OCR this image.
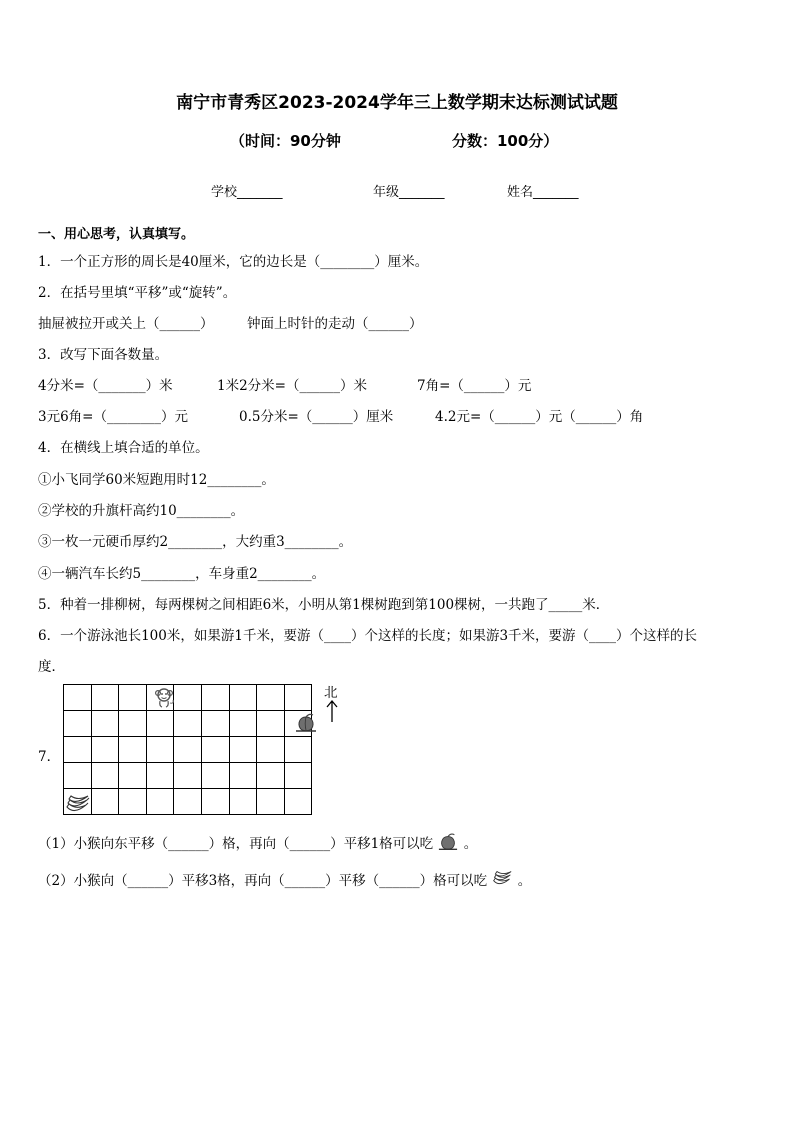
南宁市青秀区2023-2024学年三上数学期末达标测试试题
（时间：90分钟	分数：100分）
学校_______	年级_______	姓名_______
一、用心思考，认真填写。
1．一个正方形的周长是40厘米，它的边长是（________）厘米。
2．在括号里填“平移”或“旋转”。
抽屉被拉开或关上（______） 钟面上时针的走动（______）
3．改写下面各数量。
4分米=（_______）米	1米2分米=（______）米	7角=（______）元
3元6角=（________）元	0.5分米=（______）厘米	4.2元=（______）元（______）角
4．在横线上填合适的单位。
①小飞同学60米短跑用时12________。
②学校的升旗杆高约10________。
③一枚一元硬币厚约2________，大约重3________。
④一辆汽车长约5________，车身重2________。
5．种着一排柳树，每两棵树之间相距6米，小明从第1棵树跑到第100棵树，一共跑了_____米．
6．一个游泳池长100米，如果游1千米，要游（____）个这样的长度；如果游3千米，要游（____）个这样的长
度．
7．

北
（1）小猴向东平移（______）格，再向（______）平移1格可以吃 。
（2）小猴向（______）平移3格，再向（______）平移（______）格可以吃 。
